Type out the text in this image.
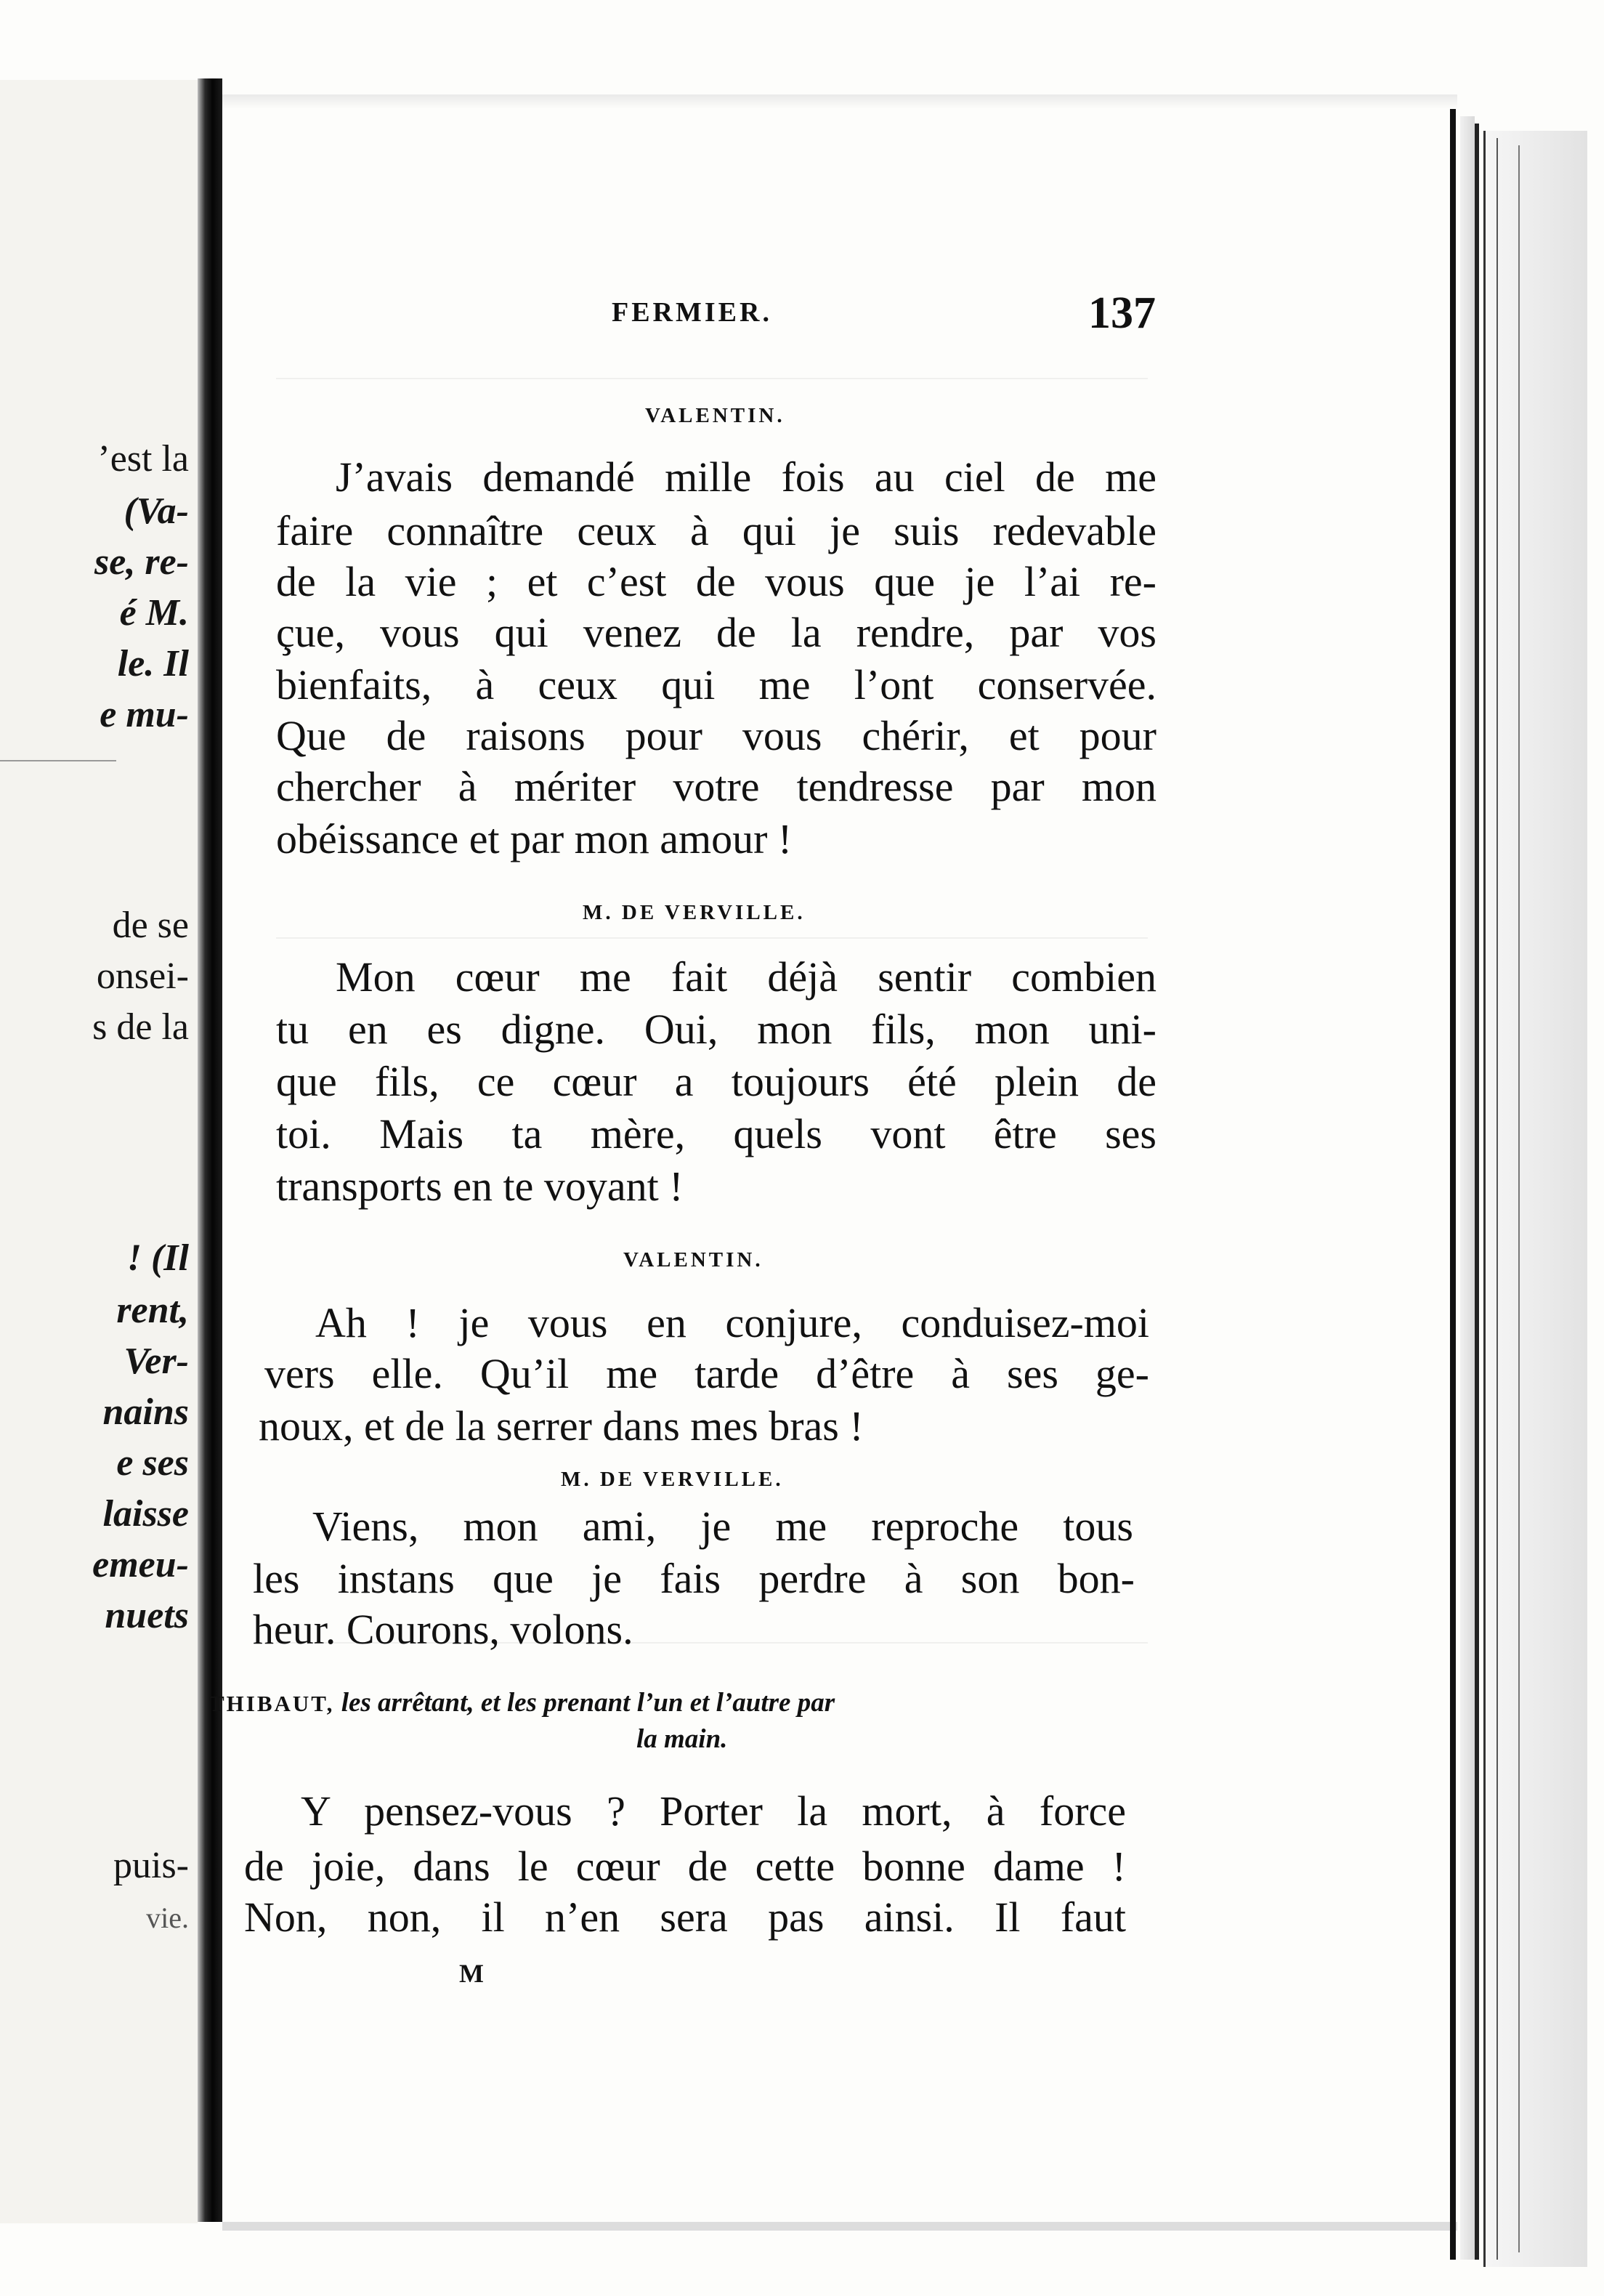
’est la
(Va-
se, re-
é M.
le. Il
e mu-
de se
onsei-
s de la
! (Il
rent,
Ver-
nains
e ses
laisse
emeu-
nuets
puis-
vie.
FERMIER.	137
VALENTIN.
J’avais demandé mille fois au ciel de me
faire connaître ceux à qui je suis redevable
de la vie ; et c’est de vous que je l’ai re-
çue, vous qui venez de la rendre, par vos
bienfaits, à ceux qui me l’ont conservée.
Que de raisons pour vous chérir, et pour
chercher à mériter votre tendresse par mon
obéissance et par mon amour !
M. DE VERVILLE.
Mon cœur me fait déjà sentir combien
tu en es digne. Oui, mon fils, mon uni-
que fils, ce cœur a toujours été plein de
toi. Mais ta mère, quels vont être ses
transports en te voyant !
VALENTIN.
Ah ! je vous en conjure, conduisez-moi
vers elle. Qu’il me tarde d’être à ses ge-
noux, et de la serrer dans mes bras !
M. DE VERVILLE.
Viens, mon ami, je me reproche tous
les instans que je fais perdre à son bon-
heur. Courons, volons.
THIBAUT, les arrêtant, et les prenant l’un et l’autre par
la main.
Y pensez-vous ? Porter la mort, à force
de joie, dans le cœur de cette bonne dame !
Non, non, il n’en sera pas ainsi. Il faut
M
